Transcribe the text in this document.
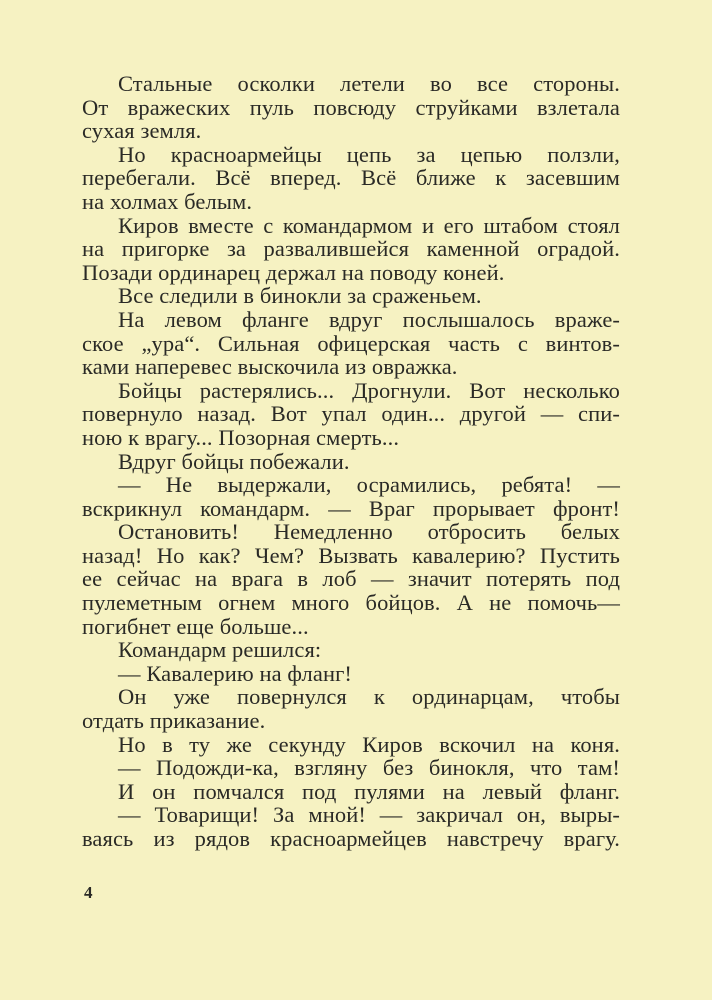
Стальные осколки летели во все стороны.
От вражеских пуль повсюду струйками взлетала
сухая земля.
Но красноармейцы цепь за цепью ползли,
перебегали. Всё вперед. Всё ближе к засевшим
на холмах белым.
Киров вместе с командармом и его штабом стоял
на пригорке за развалившейся каменной оградой.
Позади ординарец держал на поводу коней.
Все следили в бинокли за сраженьем.
На левом фланге вдруг послышалось враже-
ское „ура“. Сильная офицерская часть с винтов-
ками наперевес выскочила из овражка.
Бойцы растерялись... Дрогнули. Вот несколько
повернуло назад. Вот упал один... другой — спи-
ною к врагу... Позорная смерть...
Вдруг бойцы побежали.
— Не выдержали, осрамились, ребята! —
вскрикнул командарм. — Враг прорывает фронт!
Остановить! Немедленно отбросить белых
назад! Но как? Чем? Вызвать кавалерию? Пустить
ее сейчас на врага в лоб — значит потерять под
пулеметным огнем много бойцов. А не помочь—
погибнет еще больше...
Командарм решился:
— Кавалерию на фланг!
Он уже повернулся к ординарцам, чтобы
отдать приказание.
Но в ту же секунду Киров вскочил на коня.
— Подожди-ка, взгляну без бинокля, что там!
И он помчался под пулями на левый фланг.
— Товарищи! За мной! — закричал он, выры-
ваясь из рядов красноармейцев навстречу врагу.
4
